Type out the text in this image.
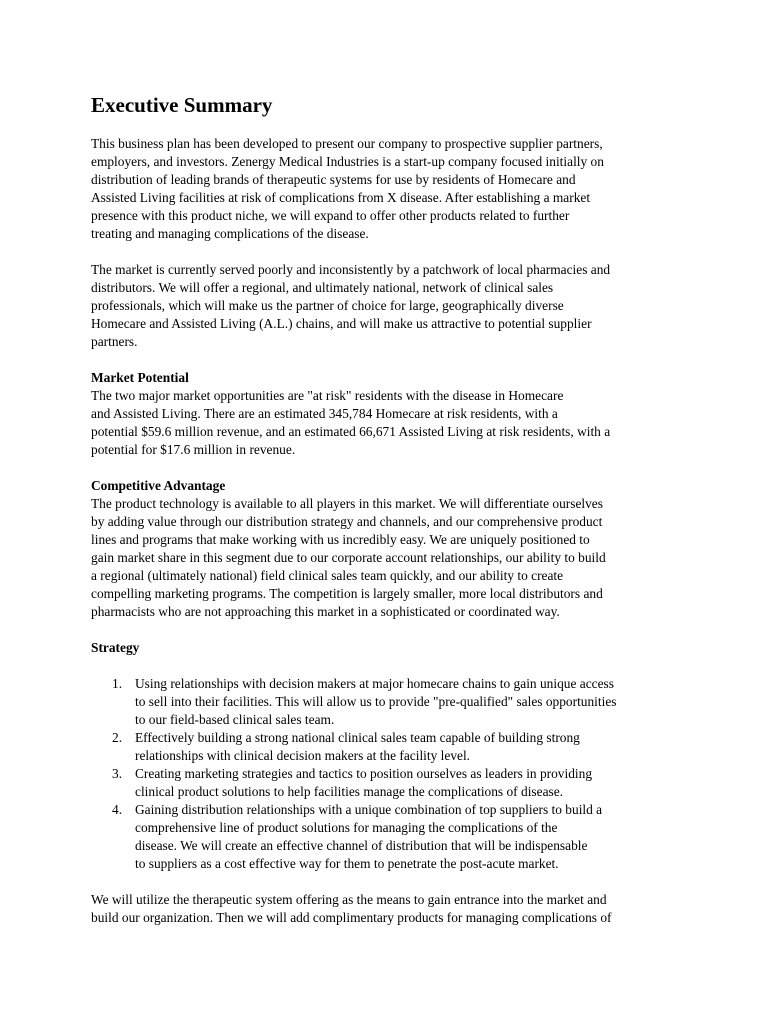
Executive Summary
This business plan has been developed to present our company to prospective supplier partners,
employers, and investors. Zenergy Medical Industries is a start-up company focused initially on
distribution of leading brands of therapeutic systems for use by residents of Homecare and
Assisted Living facilities at risk of complications from X disease. After establishing a market
presence with this product niche, we will expand to offer other products related to further
treating and managing complications of the disease.
The market is currently served poorly and inconsistently by a patchwork of local pharmacies and
distributors. We will offer a regional, and ultimately national, network of clinical sales
professionals, which will make us the partner of choice for large, geographically diverse
Homecare and Assisted Living (A.L.) chains, and will make us attractive to potential supplier
partners.
Market Potential
The two major market opportunities are "at risk" residents with the disease in Homecare
and Assisted Living. There are an estimated 345,784 Homecare at risk residents, with a
potential $59.6 million revenue, and an estimated 66,671 Assisted Living at risk residents, with a
potential for $17.6 million in revenue.
Competitive Advantage
The product technology is available to all players in this market. We will differentiate ourselves
by adding value through our distribution strategy and channels, and our comprehensive product
lines and programs that make working with us incredibly easy. We are uniquely positioned to
gain market share in this segment due to our corporate account relationships, our ability to build
a regional (ultimately national) field clinical sales team quickly, and our ability to create
compelling marketing programs. The competition is largely smaller, more local distributors and
pharmacists who are not approaching this market in a sophisticated or coordinated way.
Strategy
1. Using relationships with decision makers at major homecare chains to gain unique access
to sell into their facilities. This will allow us to provide "pre-qualified" sales opportunities
to our field-based clinical sales team.
2. Effectively building a strong national clinical sales team capable of building strong
relationships with clinical decision makers at the facility level.
3. Creating marketing strategies and tactics to position ourselves as leaders in providing
clinical product solutions to help facilities manage the complications of disease.
4. Gaining distribution relationships with a unique combination of top suppliers to build a
comprehensive line of product solutions for managing the complications of the
disease. We will create an effective channel of distribution that will be indispensable
to suppliers as a cost effective way for them to penetrate the post-acute market.
We will utilize the therapeutic system offering as the means to gain entrance into the market and
build our organization. Then we will add complimentary products for managing complications of
